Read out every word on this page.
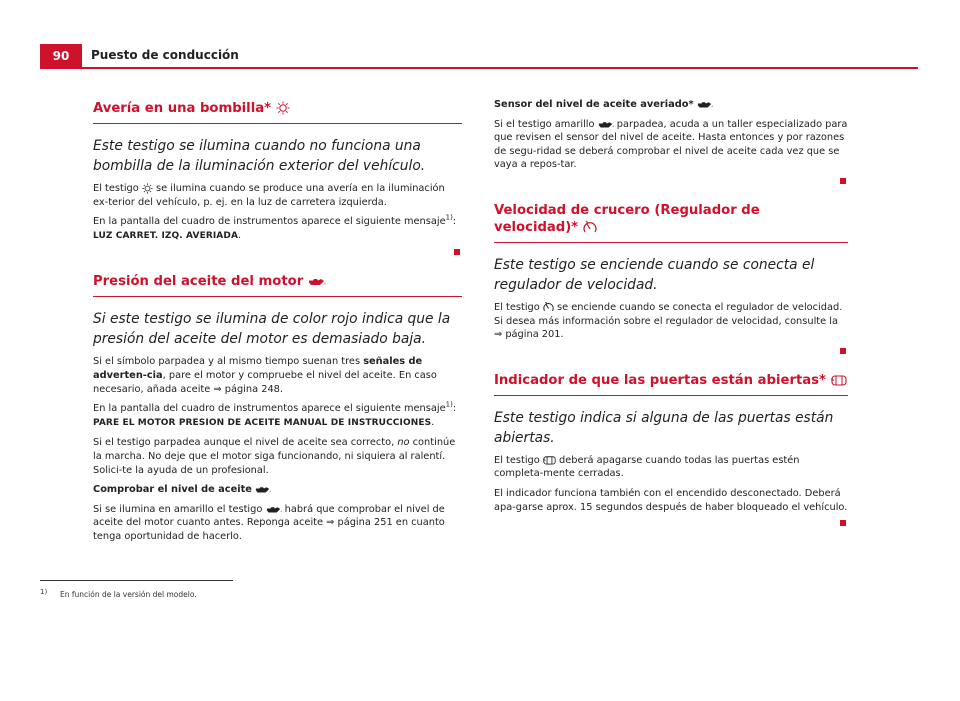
90	Puesto de conducción
Avería en una bombilla*

Este testigo se ilumina cuando no funciona una bombilla de la iluminación exterior del vehículo.

El testigo se ilumina cuando se produce una avería en la iluminación ex-terior del vehículo, p. ej. en la luz de carretera izquierda.

En la pantalla del cuadro de instrumentos aparece el siguiente mensaje$^{1)}$:
LUZ CARRET. IZQ. AVERIADA.

Presión del aceite del motor

Si este testigo se ilumina de color rojo indica que la presión del aceite del motor es demasiado baja.

Si el símbolo parpadea y al mismo tiempo suenan tres señales de adverten-cia, pare el motor y compruebe el nivel del aceite. En caso necesario, añada aceite ⇒ página 248.

En la pantalla del cuadro de instrumentos aparece el siguiente mensaje$^{1)}$:
PARE EL MOTOR PRESION DE ACEITE MANUAL DE INSTRUCCIONES.

Si el testigo parpadea aunque el nivel de aceite sea correcto, no continúe la marcha. No deje que el motor siga funcionando, ni siquiera al ralentí. Solici-te la ayuda de un profesional.

Comprobar el nivel de aceite

Si se ilumina en amarillo el testigo habrá que comprobar el nivel de aceite del motor cuanto antes. Reponga aceite ⇒ página 251 en cuanto tenga oportunidad de hacerlo.

Sensor del nivel de aceite averiado*

Si el testigo amarillo parpadea, acuda a un taller especializado para que revisen el sensor del nivel de aceite. Hasta entonces y por razones de segu-ridad se deberá comprobar el nivel de aceite cada vez que se vaya a repos-tar.

Velocidad de crucero (Regulador de velocidad)*

Este testigo se enciende cuando se conecta el regulador de velocidad.

El testigo se enciende cuando se conecta el regulador de velocidad. Si desea más información sobre el regulador de velocidad, consulte la ⇒ página 201.

Indicador de que las puertas están abiertas*

Este testigo indica si alguna de las puertas están abiertas.

El testigo deberá apagarse cuando todas las puertas estén completa-mente cerradas.

El indicador funciona también con el encendido desconectado. Deberá apa-garse aprox. 15 segundos después de haber bloqueado el vehículo.

$^{1)}$ En función de la versión del modelo.
